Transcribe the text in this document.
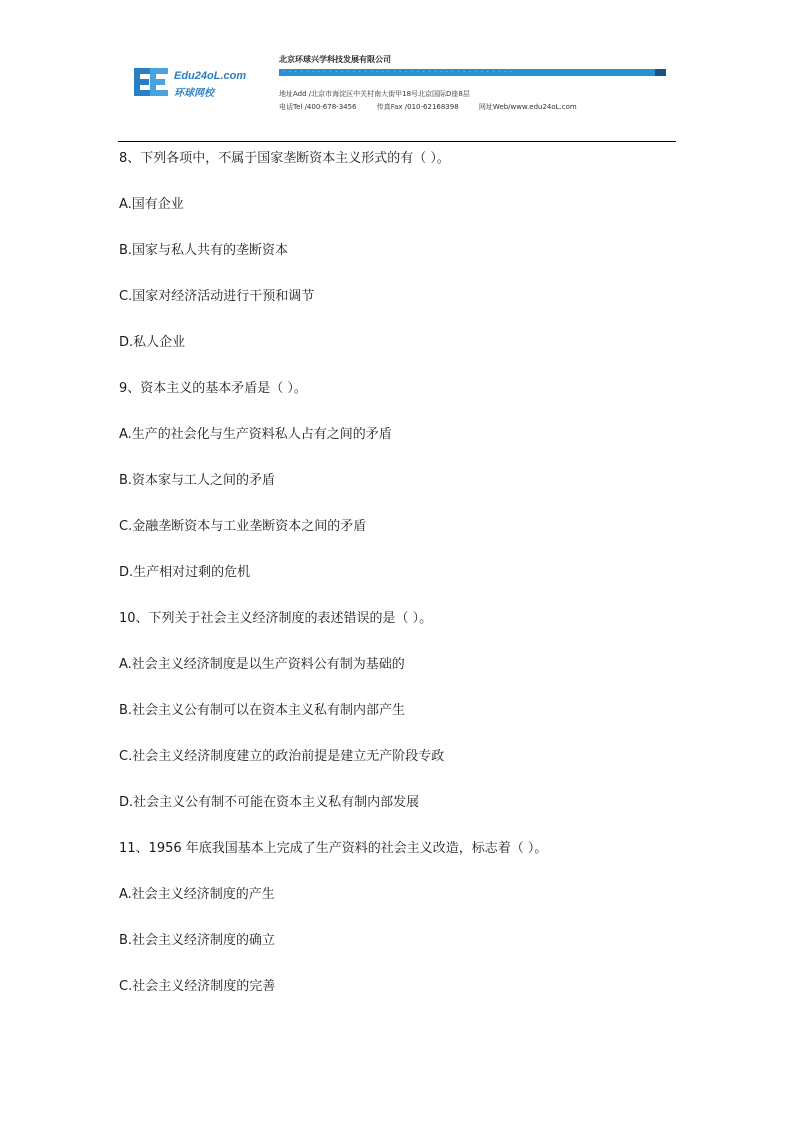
Edu24oL.com
环球网校
北京环球兴学科技发展有限公司
· · · · · · · · · · · · · · · · · · · · · · · · · · · · · · · · · · · · · · · ·
地址Add /北京市海淀区中关村南大街甲18号北京国际D座8层
电话Tel /400-678-3456	传真Fax /010-62168398	网址Web/www.edu24oL.com
8、下列各项中，不属于国家垄断资本主义形式的有（ ）。
A.国有企业
B.国家与私人共有的垄断资本
C.国家对经济活动进行干预和调节
D.私人企业
9、资本主义的基本矛盾是（ ）。
A.生产的社会化与生产资料私人占有之间的矛盾
B.资本家与工人之间的矛盾
C.金融垄断资本与工业垄断资本之间的矛盾
D.生产相对过剩的危机
10、下列关于社会主义经济制度的表述错误的是（ ）。
A.社会主义经济制度是以生产资料公有制为基础的
B.社会主义公有制可以在资本主义私有制内部产生
C.社会主义经济制度建立的政治前提是建立无产阶段专政
D.社会主义公有制不可能在资本主义私有制内部发展
11、1956 年底我国基本上完成了生产资料的社会主义改造，标志着（ ）。
A.社会主义经济制度的产生
B.社会主义经济制度的确立
C.社会主义经济制度的完善
